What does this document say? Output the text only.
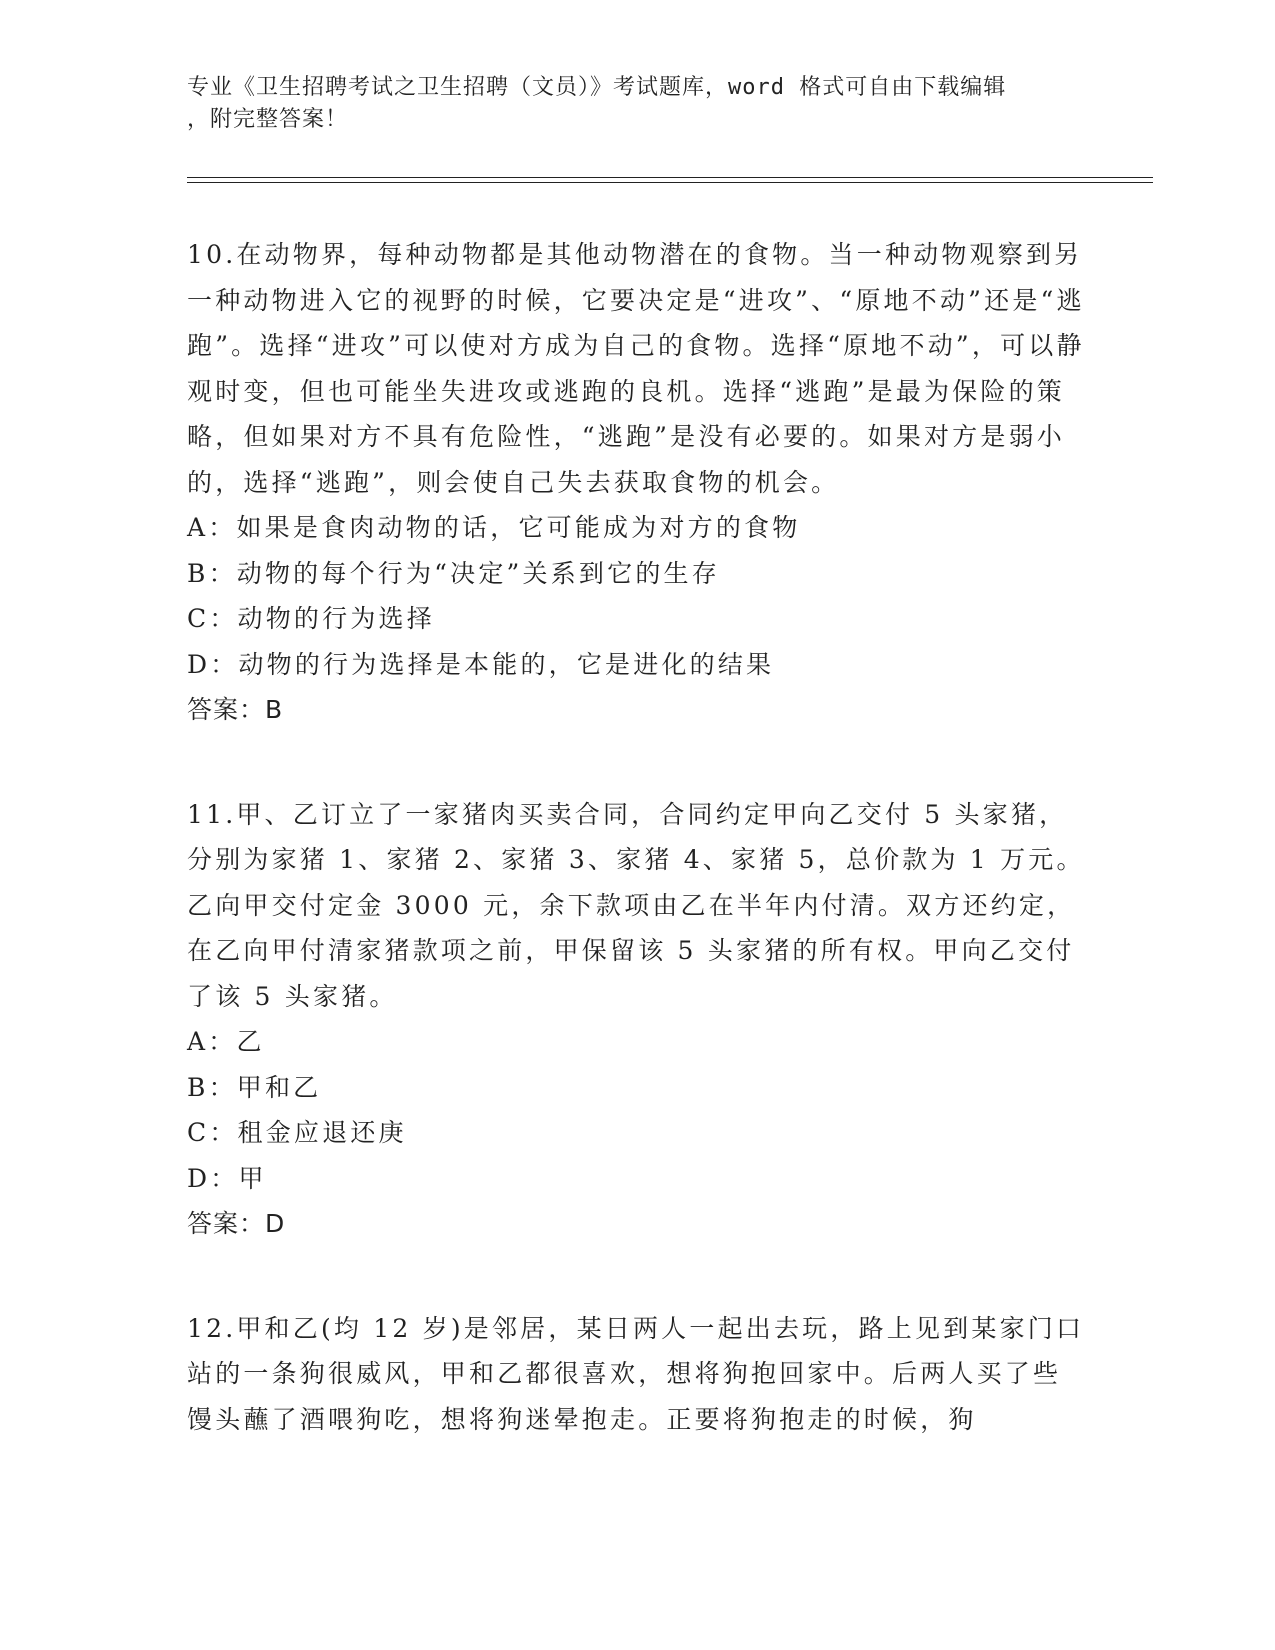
专业《卫生招聘考试之卫生招聘（文员）》考试题库，word 格式可自由下载编辑
，附完整答案！

10.在动物界，每种动物都是其他动物潜在的食物。当一种动物观察到另一种动物进入它的视野的时候，它要决定是“进攻”、“原地不动”还是“逃跑”。选择“进攻”可以使对方成为自己的食物。选择“原地不动”，可以静观时变，但也可能坐失进攻或逃跑的良机。选择“逃跑”是最为保险的策略，但如果对方不具有危险性，“逃跑”是没有必要的。如果对方是弱小的，选择“逃跑”，则会使自己失去获取食物的机会。

A：如果是食肉动物的话，它可能成为对方的食物

B：动物的每个行为“决定”关系到它的生存

C：动物的行为选择

D：动物的行为选择是本能的，它是进化的结果

答案：B

11.甲、乙订立了一家猪肉买卖合同，合同约定甲向乙交付 5 头家猪，分别为家猪 1、家猪 2、家猪 3、家猪 4、家猪 5，总价款为 1 万元。乙向甲交付定金 3000 元，余下款项由乙在半年内付清。双方还约定，在乙向甲付清家猪款项之前，甲保留该 5 头家猪的所有权。甲向乙交付了该 5 头家猪。

A：乙

B：甲和乙

C：租金应退还庚

D：甲

答案：D

12.甲和乙(均 12 岁)是邻居，某日两人一起出去玩，路上见到某家门口站的一条狗很威风，甲和乙都很喜欢，想将狗抱回家中。后两人买了些馒头蘸了酒喂狗吃，想将狗迷晕抱走。正要将狗抱走的时候，狗
